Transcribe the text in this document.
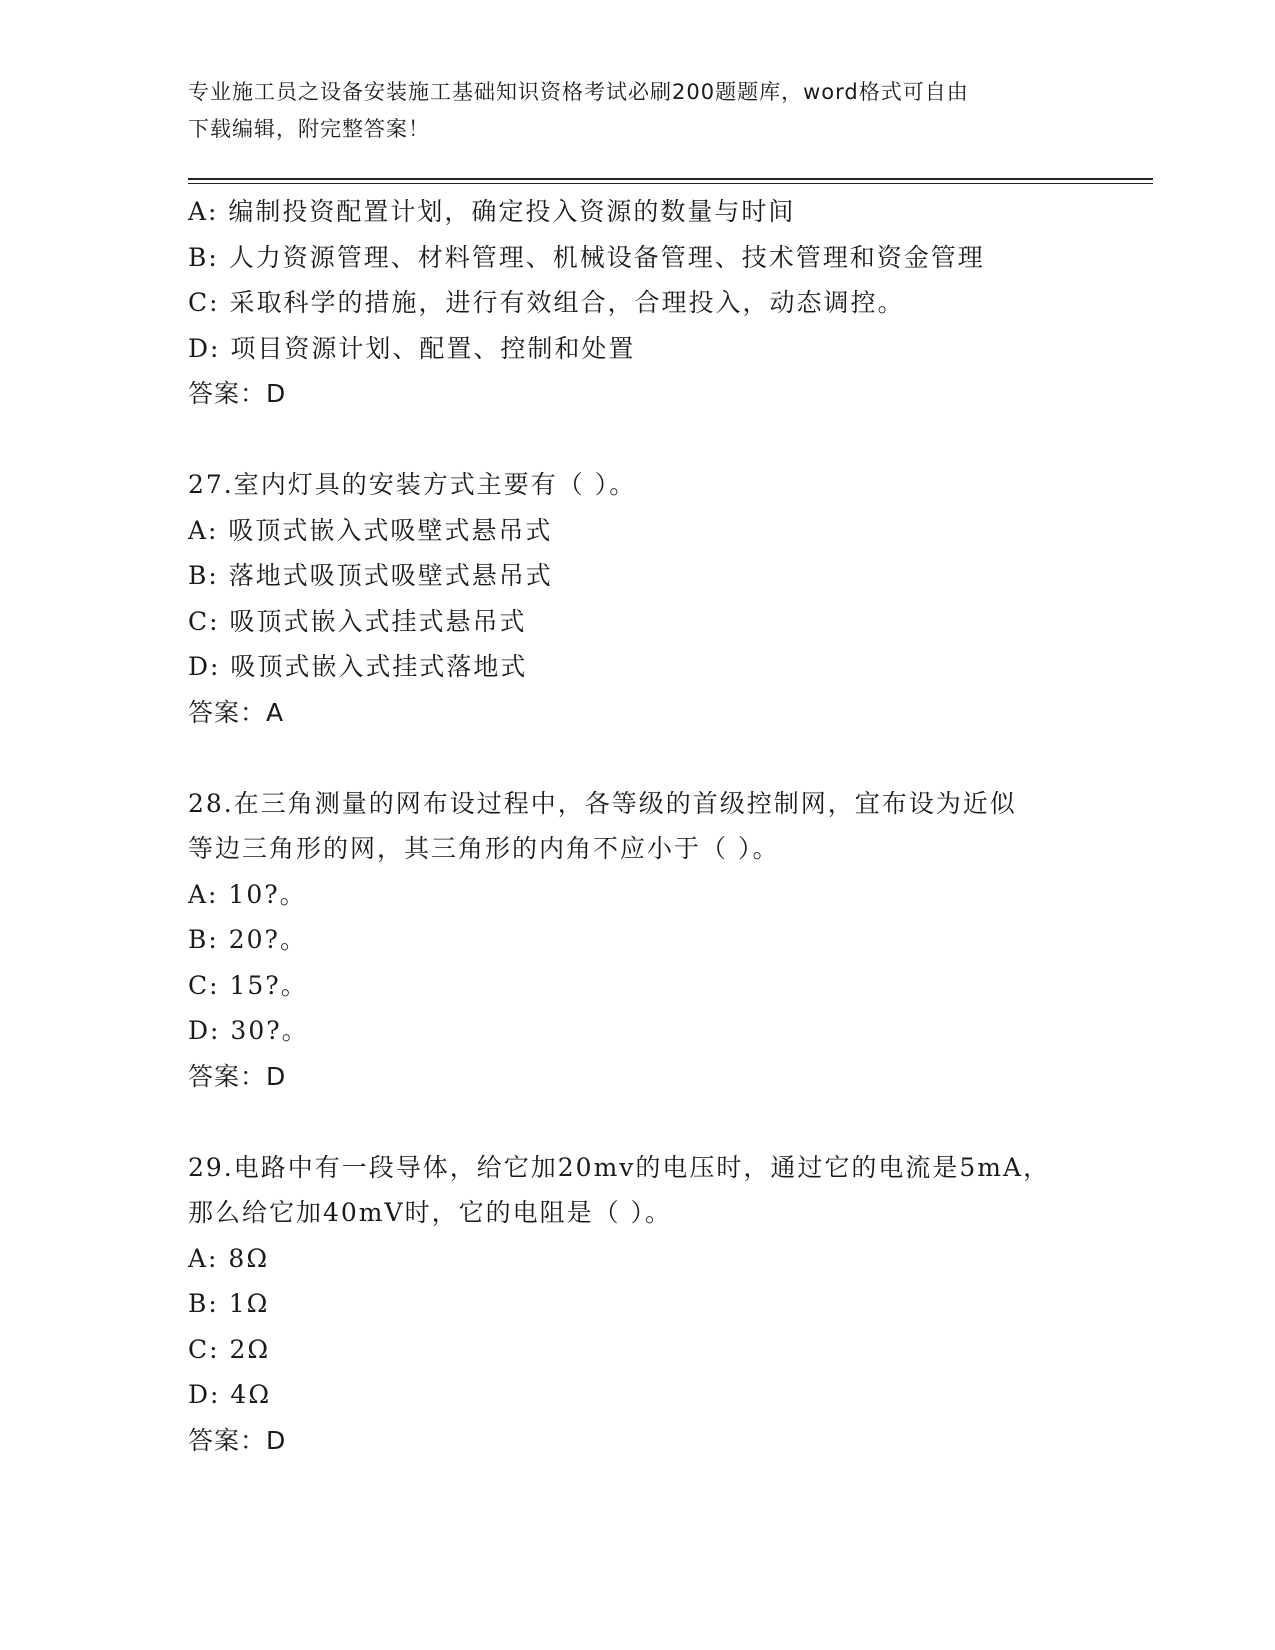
专业施工员之设备安装施工基础知识资格考试必刷200题题库，word格式可自由
下载编辑，附完整答案！
A: 编制投资配置计划，确定投入资源的数量与时间
B: 人力资源管理、材料管理、机械设备管理、技术管理和资金管理
C: 采取科学的措施，进行有效组合，合理投入，动态调控。
D: 项目资源计划、配置、控制和处置
答案：D
27.室内灯具的安装方式主要有（ ）。
A: 吸顶式嵌入式吸壁式悬吊式
B: 落地式吸顶式吸壁式悬吊式
C: 吸顶式嵌入式挂式悬吊式
D: 吸顶式嵌入式挂式落地式
答案：A
28.在三角测量的网布设过程中，各等级的首级控制网，宜布设为近似
等边三角形的网，其三角形的内角不应小于（ ）。
A: 10?。
B: 20?。
C: 15?。
D: 30?。
答案：D
29.电路中有一段导体，给它加20mv的电压时，通过它的电流是5mA，
那么给它加40mV时，它的电阻是（ ）。
A: 8Ω
B: 1Ω
C: 2Ω
D: 4Ω
答案：D
